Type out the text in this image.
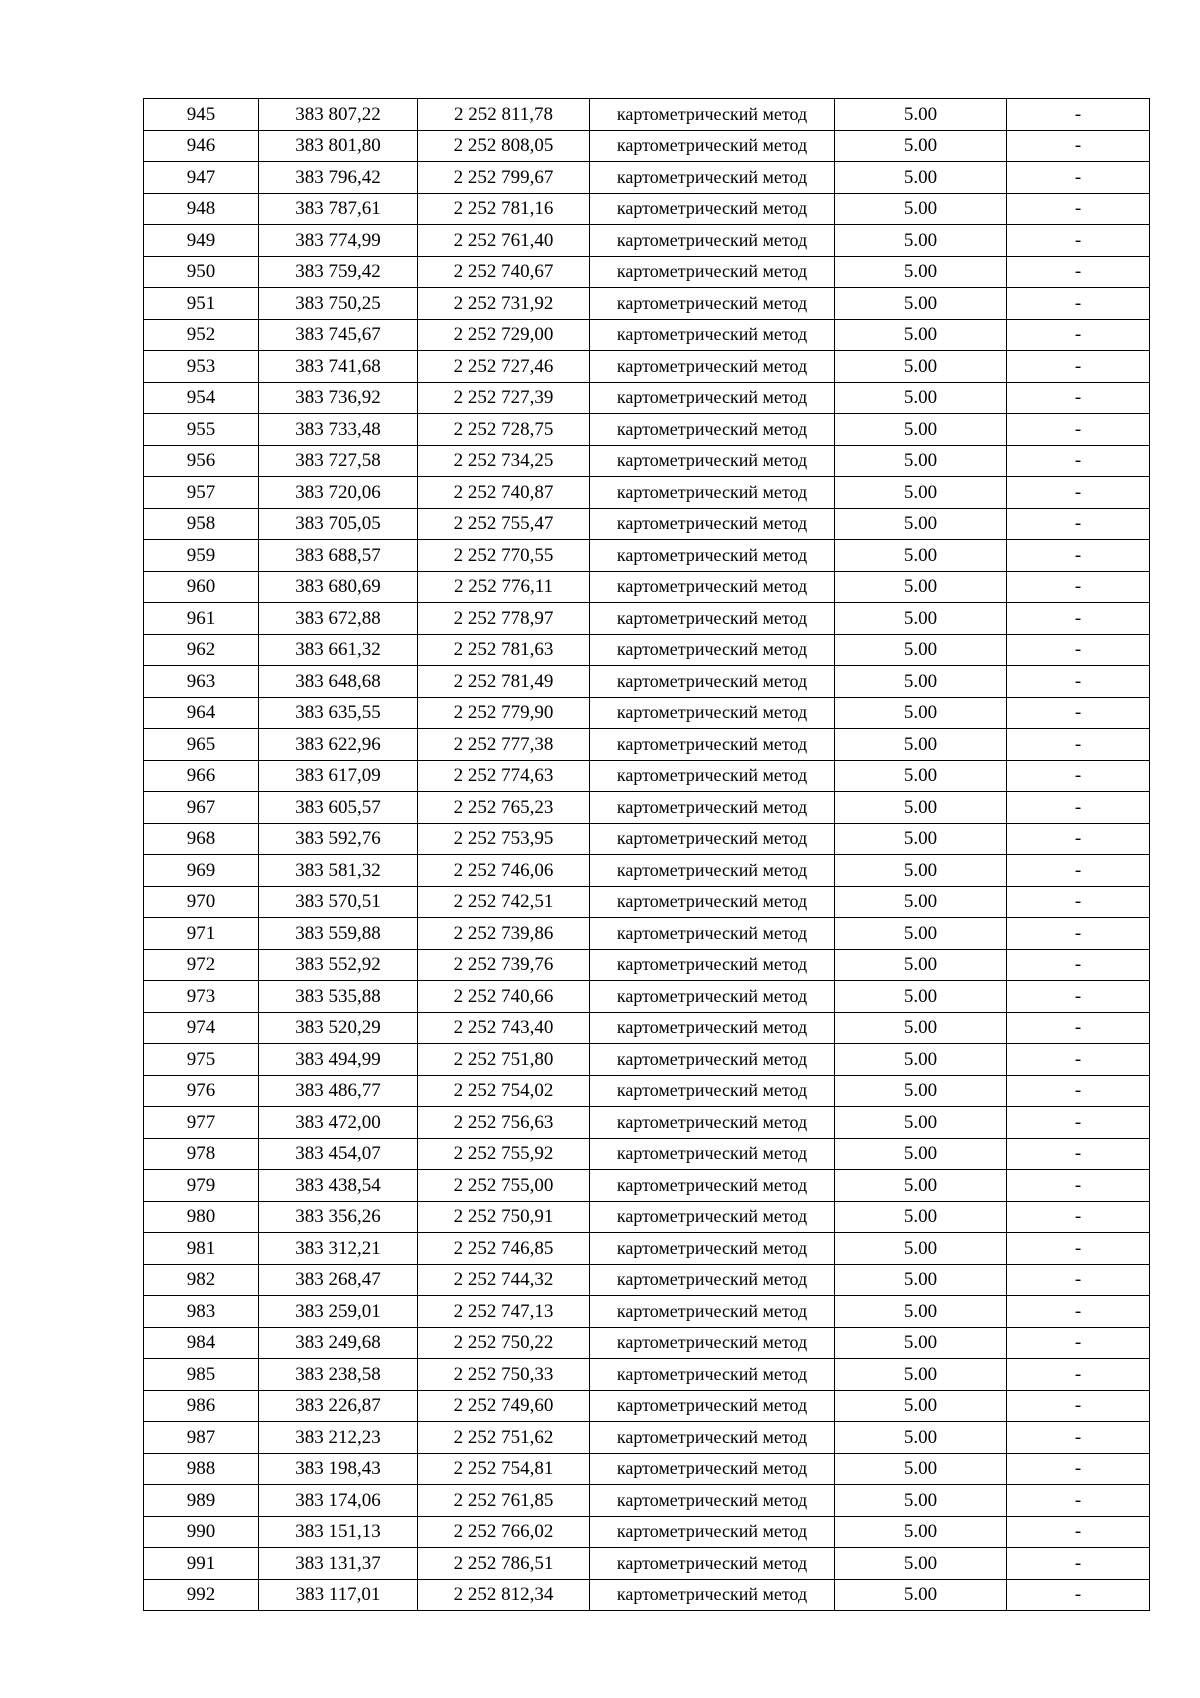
945	383 807,22	2 252 811,78	картометрический метод	5.00	-
946	383 801,80	2 252 808,05	картометрический метод	5.00	-
947	383 796,42	2 252 799,67	картометрический метод	5.00	-
948	383 787,61	2 252 781,16	картометрический метод	5.00	-
949	383 774,99	2 252 761,40	картометрический метод	5.00	-
950	383 759,42	2 252 740,67	картометрический метод	5.00	-
951	383 750,25	2 252 731,92	картометрический метод	5.00	-
952	383 745,67	2 252 729,00	картометрический метод	5.00	-
953	383 741,68	2 252 727,46	картометрический метод	5.00	-
954	383 736,92	2 252 727,39	картометрический метод	5.00	-
955	383 733,48	2 252 728,75	картометрический метод	5.00	-
956	383 727,58	2 252 734,25	картометрический метод	5.00	-
957	383 720,06	2 252 740,87	картометрический метод	5.00	-
958	383 705,05	2 252 755,47	картометрический метод	5.00	-
959	383 688,57	2 252 770,55	картометрический метод	5.00	-
960	383 680,69	2 252 776,11	картометрический метод	5.00	-
961	383 672,88	2 252 778,97	картометрический метод	5.00	-
962	383 661,32	2 252 781,63	картометрический метод	5.00	-
963	383 648,68	2 252 781,49	картометрический метод	5.00	-
964	383 635,55	2 252 779,90	картометрический метод	5.00	-
965	383 622,96	2 252 777,38	картометрический метод	5.00	-
966	383 617,09	2 252 774,63	картометрический метод	5.00	-
967	383 605,57	2 252 765,23	картометрический метод	5.00	-
968	383 592,76	2 252 753,95	картометрический метод	5.00	-
969	383 581,32	2 252 746,06	картометрический метод	5.00	-
970	383 570,51	2 252 742,51	картометрический метод	5.00	-
971	383 559,88	2 252 739,86	картометрический метод	5.00	-
972	383 552,92	2 252 739,76	картометрический метод	5.00	-
973	383 535,88	2 252 740,66	картометрический метод	5.00	-
974	383 520,29	2 252 743,40	картометрический метод	5.00	-
975	383 494,99	2 252 751,80	картометрический метод	5.00	-
976	383 486,77	2 252 754,02	картометрический метод	5.00	-
977	383 472,00	2 252 756,63	картометрический метод	5.00	-
978	383 454,07	2 252 755,92	картометрический метод	5.00	-
979	383 438,54	2 252 755,00	картометрический метод	5.00	-
980	383 356,26	2 252 750,91	картометрический метод	5.00	-
981	383 312,21	2 252 746,85	картометрический метод	5.00	-
982	383 268,47	2 252 744,32	картометрический метод	5.00	-
983	383 259,01	2 252 747,13	картометрический метод	5.00	-
984	383 249,68	2 252 750,22	картометрический метод	5.00	-
985	383 238,58	2 252 750,33	картометрический метод	5.00	-
986	383 226,87	2 252 749,60	картометрический метод	5.00	-
987	383 212,23	2 252 751,62	картометрический метод	5.00	-
988	383 198,43	2 252 754,81	картометрический метод	5.00	-
989	383 174,06	2 252 761,85	картометрический метод	5.00	-
990	383 151,13	2 252 766,02	картометрический метод	5.00	-
991	383 131,37	2 252 786,51	картометрический метод	5.00	-
992	383 117,01	2 252 812,34	картометрический метод	5.00	-
